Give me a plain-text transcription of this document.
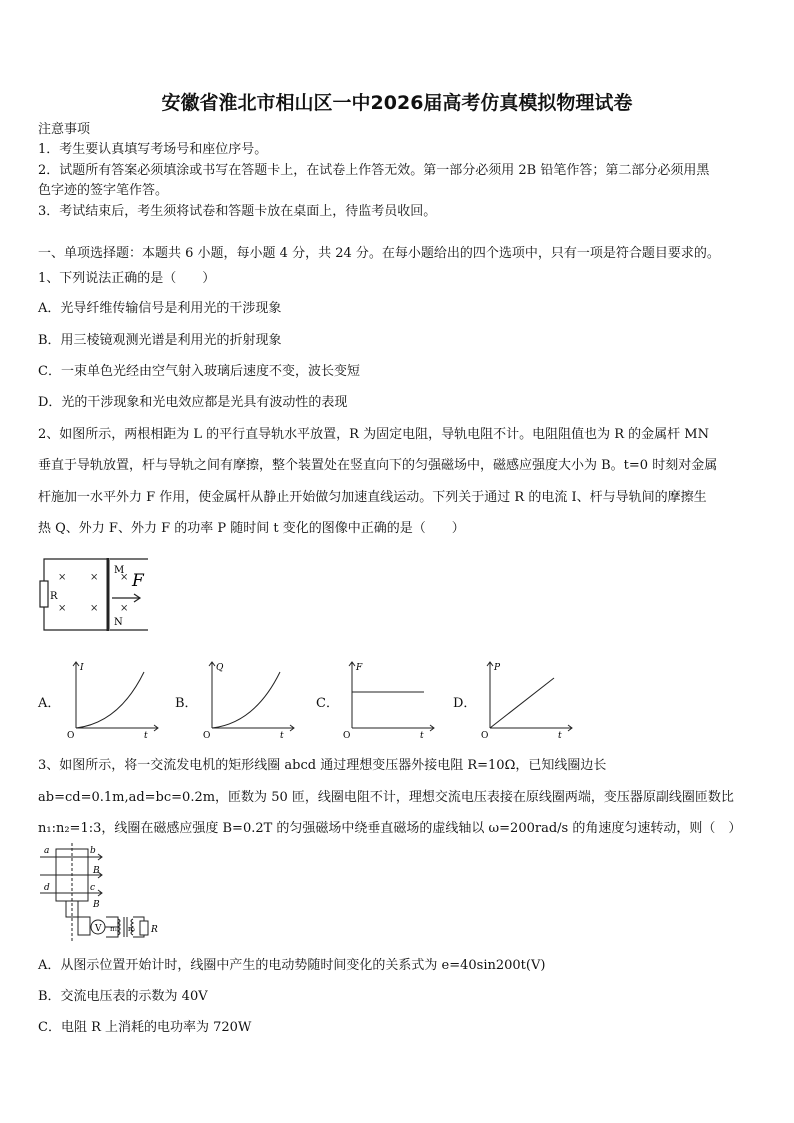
安徽省淮北市相山区一中2026届高考仿真模拟物理试卷
注意事项
1．考生要认真填写考场号和座位序号。
2．试题所有答案必须填涂或书写在答题卡上，在试卷上作答无效。第一部分必须用 2B 铅笔作答；第二部分必须用黑
色字迹的签字笔作答。
3．考试结束后，考生须将试卷和答题卡放在桌面上，待监考员收回。
一、单项选择题：本题共 6 小题，每小题 4 分，共 24 分。在每小题给出的四个选项中，只有一项是符合题目要求的。
1、下列说法正确的是（　　）
A．光导纤维传输信号是利用光的干涉现象
B．用三棱镜观测光谱是利用光的折射现象
C．一束单色光经由空气射入玻璃后速度不变，波长变短
D．光的干涉现象和光电效应都是光具有波动性的表现
2、如图所示，两根相距为 L 的平行直导轨水平放置，R 为固定电阻，导轨电阻不计。电阻阻值也为 R 的金属杆 MN
垂直于导轨放置，杆与导轨之间有摩擦，整个装置处在竖直向下的匀强磁场中，磁感应强度大小为 B。t=0 时刻对金属
杆施加一水平外力 F 作用，使金属杆从静止开始做匀加速直线运动。下列关于通过 R 的电流 I、杆与导轨间的摩擦生
热 Q、外力 F、外力 F 的功率 P 随时间 t 变化的图像中正确的是（　　）
× ×
× ×
×
×
R
M
N
F
A．
I
t
O
B．
Q
t
O
C．
F
t
O
D．
P
t
O
3、如图所示，将一交流发电机的矩形线圈 abcd 通过理想变压器外接电阻 R=10Ω，已知线圈边长
ab=cd=0.1m,ad=bc=0.2m，匝数为 50 匝，线圈电阻不计，理想交流电压表接在原线圈两端，变压器原副线圈匝数比
n₁:n₂=1:3，线圈在磁感应强度 B=0.2T 的匀强磁场中绕垂直磁场的虚线轴以 ω=200rad/s 的角速度匀速转动，则（　）
a	b
c
d
B
B
V n₁ n₂ R
A．从图示位置开始计时，线圈中产生的电动势随时间变化的关系式为 e=40sin200t(V)
B．交流电压表的示数为 40V
C．电阻 R 上消耗的电功率为 720W
